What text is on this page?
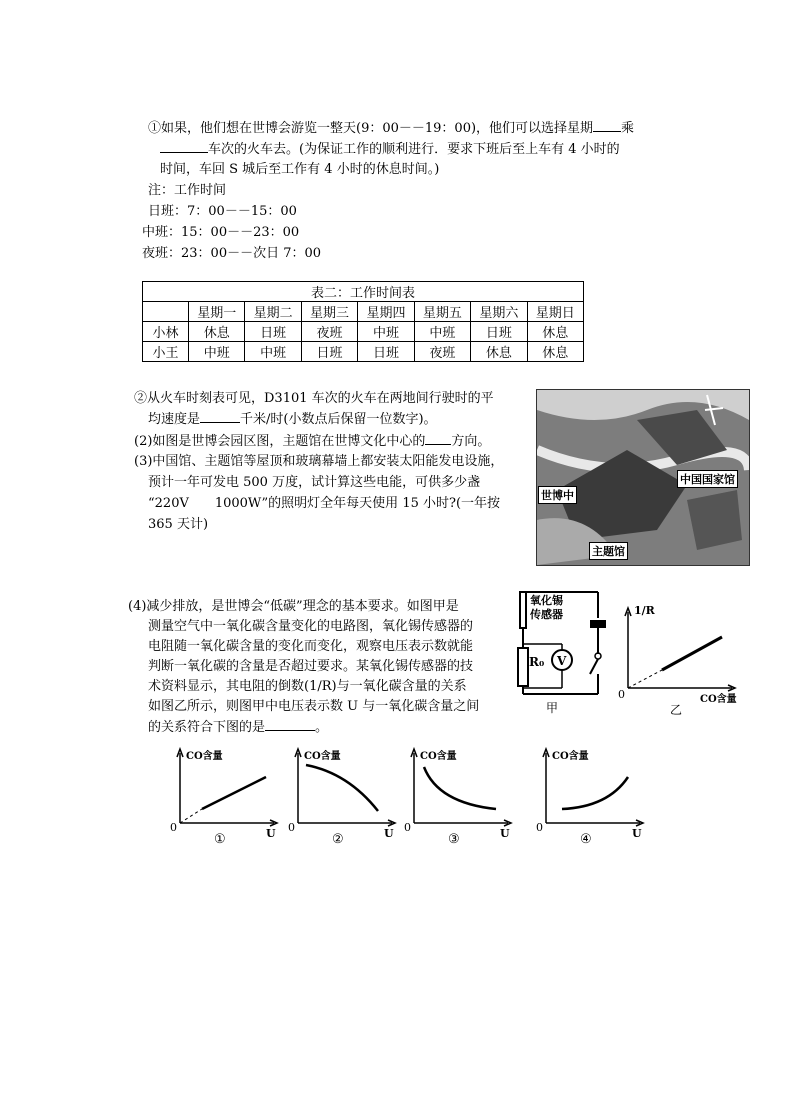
①如果，他们想在世博会游览一整天(9：00－－19：00)，他们可以选择星期 乘
车次的火车去。(为保证工作的顺利进行．要求下班后至上车有 4 小时的
时间，车回 S 城后至工作有 4 小时的休息时间。)
注：工作时间
日班：7：00－－15：00
中班：15：00－－23：00
夜班：23：00－－次日 7：00
表二：工作时间表							
	星期一	星期二	星期三	星期四	星期五	星期六	星期日
小林	休息	日班	夜班	中班	中班	日班	休息
小王	中班	中班	日班	日班	夜班	休息	休息
②从火车时刻表可见，D3101 车次的火车在两地间行驶时的平
均速度是	千米/时(小数点后保留一位数字)。
(2)如图是世博会园区图，主题馆在世博文化中心的 方向。
(3)中国馆、主题馆等屋顶和玻璃幕墙上都安装太阳能发电设施，
预计一年可发电 500 万度，试计算这些电能，可供多少盏
“220V　　1000W”的照明灯全年每天使用 15 小时?(一年按
365 天计)
世博中
中国国家馆
主题馆
(4)减少排放，是世博会“低碳”理念的基本要求。如图甲是
测量空气中一氧化碳含量变化的电路图，氧化锡传感器的
电阻随一氧化碳含量的变化而变化，观察电压表示数就能
判断一氧化碳的含量是否超过要求。某氧化锡传感器的技
术资料显示，其电阻的倒数(1/R)与一氧化碳含量的关系
如图乙所示，则图甲中电压表示数 U 与一氧化碳含量之间
的关系符合下图的是	。
氧化锡
传感器
R₀ V
甲
1/R
0	CO含量
乙
CO含量
0	U
①
CO含量
0	U
②
CO含量
0	U
③
CO含量
0	U
④
